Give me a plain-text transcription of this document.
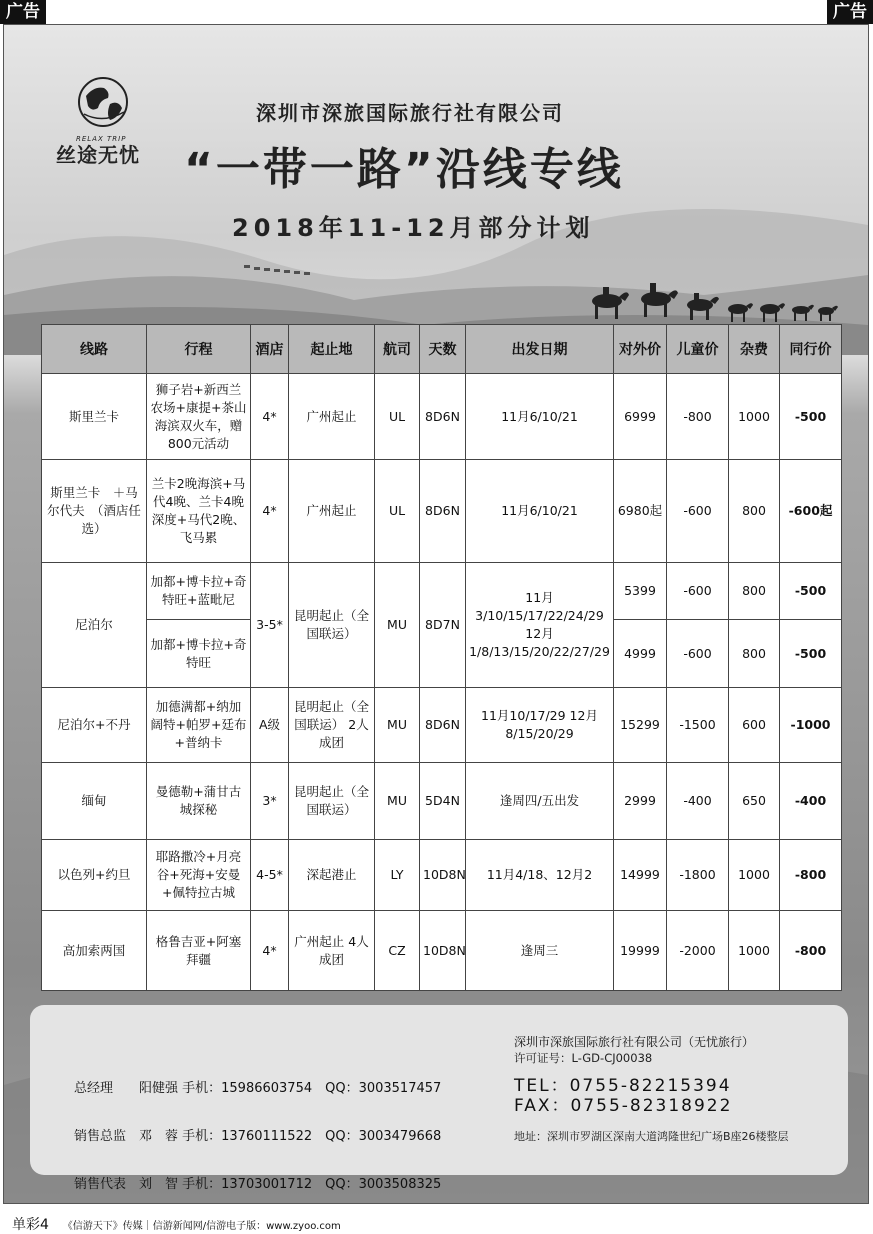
广告	广告
RELAX TRIP
丝途无忧
深圳市深旅国际旅行社有限公司
“一带一路”沿线专线
2018年11-12月部分计划
线路	行程	酒店	起止地	航司	天数	出发日期	对外价	儿童价	杂费	同行价
斯里兰卡	狮子岩+新西兰农场+康提+茶山海滨双火车，赠800元活动	4*	广州起止	UL	8D6N	11月6/10/21	6999	-800	1000	-500
斯里兰卡　＋马尔代夫　（酒店任选）	兰卡2晚海滨+马代4晚、兰卡4晚深度+马代2晚、飞马累	4*	广州起止	UL	8D6N	11月6/10/21	6980起	-600	800	-600起
尼泊尔	加都+博卡拉+奇特旺+蓝毗尼	3-5*	昆明起止（全国联运）	MU	8D7N	11月3/10/15/17/22/24/29 12月1/8/13/15/20/22/27/29	5399	-600	800	-500
	加都+博卡拉+奇特旺						4999	-600	800	-500
尼泊尔+不丹	加德满都+纳加阔特+帕罗+廷布+普纳卡	A级	昆明起止（全国联运） 2人成团	MU	8D6N	11月10/17/29 12月8/15/20/29	15299	-1500	600	-1000
缅甸	曼德勒+蒲甘古城探秘	3*	昆明起止（全国联运）	MU	5D4N	逢周四/五出发	2999	-400	650	-400
以色列+约旦	耶路撒冷+月亮谷+死海+安曼+佩特拉古城	4-5*	深起港止	LY	10D8N	11月4/18、12月2	14999	-1800	1000	-800
高加索两国	格鲁吉亚+阿塞拜疆	4*	广州起止 4人成团	CZ	10D8N	逢周三	19999	-2000	1000	-800

总经理　　阳健强 手机：15986603754　QQ：3003517457

销售总监　邓　蓉 手机：13760111522　QQ：3003479668

销售代表　刘　智 手机：13703001712　QQ：3003508325

深圳市深旅国际旅行社有限公司（无忧旅行）
许可证号：L-GD-CJ00038
TEL：0755-82215394
FAX：0755-82318922
地址：深圳市罗湖区深南大道鸿隆世纪广场B座26楼整层
单彩4 《信游天下》传媒｜信游新闻网/信游电子版：www.zyoo.com
